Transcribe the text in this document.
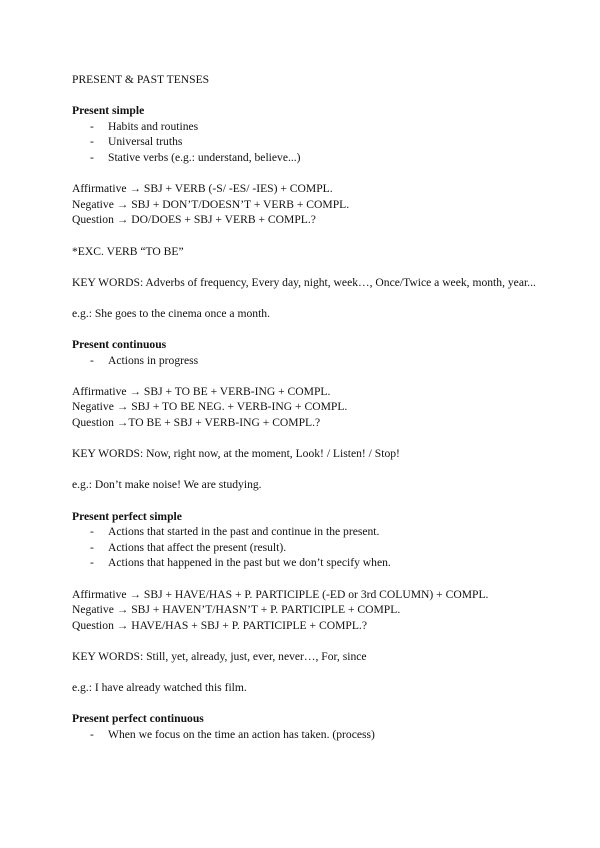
PRESENT & PAST TENSES
Present simple
- Habits and routines
- Universal truths
- Stative verbs (e.g.: understand, believe...)
Affirmative → SBJ + VERB (-S/ -ES/ -IES) + COMPL.
Negative → SBJ + DON’T/DOESN’T + VERB + COMPL.
Question → DO/DOES + SBJ + VERB + COMPL.?
*EXC. VERB “TO BE”
KEY WORDS: Adverbs of frequency, Every day, night, week…, Once/Twice a week, month, year...
e.g.: She goes to the cinema once a month.
Present continuous
- Actions in progress
Affirmative → SBJ + TO BE + VERB-ING + COMPL.
Negative → SBJ + TO BE NEG. + VERB-ING + COMPL.
Question →TO BE + SBJ + VERB-ING + COMPL.?
KEY WORDS: Now, right now, at the moment, Look! / Listen! / Stop!
e.g.: Don’t make noise! We are studying.
Present perfect simple
- Actions that started in the past and continue in the present.
- Actions that affect the present (result).
- Actions that happened in the past but we don’t specify when.
Affirmative → SBJ + HAVE/HAS + P. PARTICIPLE (-ED or 3rd COLUMN) + COMPL.
Negative → SBJ + HAVEN’T/HASN’T + P. PARTICIPLE + COMPL.
Question → HAVE/HAS + SBJ + P. PARTICIPLE + COMPL.?
KEY WORDS: Still, yet, already, just, ever, never…, For, since
e.g.: I have already watched this film.
Present perfect continuous
- When we focus on the time an action has taken. (process)
